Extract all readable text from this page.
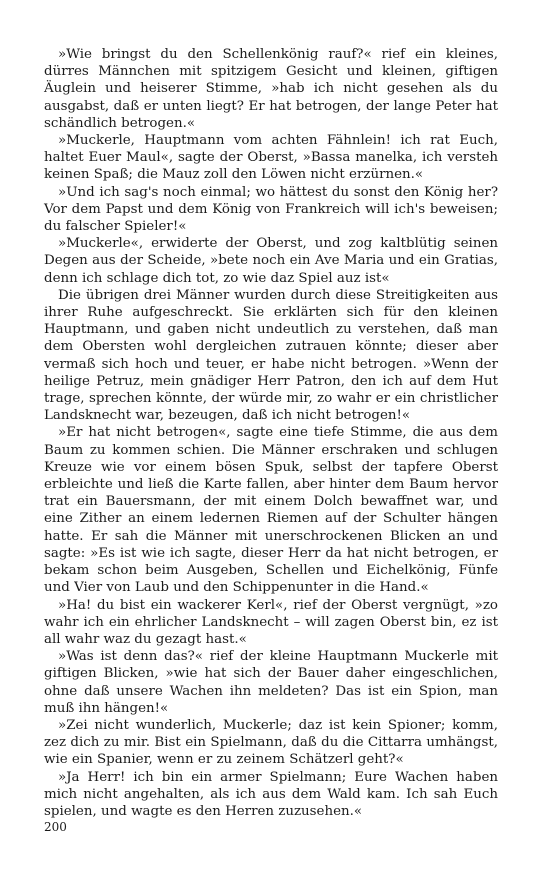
»Wie bringst du den Schellenkönig rauf?« rief ein kleines, dürres Männchen mit spitzigem Gesicht und kleinen, giftigen Äuglein und heiserer Stimme, »hab ich nicht gesehen als du ausgabst, daß er unten liegt? Er hat betrogen, der lange Peter hat schändlich betrogen.«

»Muckerle, Hauptmann vom achten Fähnlein! ich rat Euch, haltet Euer Maul«, sagte der Oberst, »Bassa manelka, ich versteh keinen Spaß; die Mauz zoll den Löwen nicht erzürnen.«

»Und ich sag's noch einmal; wo hättest du sonst den König her? Vor dem Papst und dem König von Frankreich will ich's beweisen; du falscher Spieler!«

»Muckerle«, erwiderte der Oberst, und zog kaltblütig seinen Degen aus der Scheide, »bete noch ein Ave Maria und ein Gratias, denn ich schlage dich tot, zo wie daz Spiel auz ist«

Die übrigen drei Männer wurden durch diese Streitigkeiten aus ihrer Ruhe aufgeschreckt. Sie erklärten sich für den kleinen Hauptmann, und gaben nicht undeutlich zu verstehen, daß man dem Obersten wohl dergleichen zutrauen könnte; dieser aber vermaß sich hoch und teuer, er habe nicht betrogen. »Wenn der heilige Petruz, mein gnädiger Herr Patron, den ich auf dem Hut trage, sprechen könnte, der würde mir, zo wahr er ein christlicher Landsknecht war, bezeugen, daß ich nicht betrogen!«

»Er hat nicht betrogen«, sagte eine tiefe Stimme, die aus dem Baum zu kommen schien. Die Männer erschraken und schlugen Kreuze wie vor einem bösen Spuk, selbst der tapfere Oberst erbleichte und ließ die Karte fallen, aber hinter dem Baum hervor trat ein Bauersmann, der mit einem Dolch bewaffnet war, und eine Zither an einem ledernen Riemen auf der Schulter hängen hatte. Er sah die Männer mit unerschrockenen Blicken an und sagte: »Es ist wie ich sagte, dieser Herr da hat nicht betrogen, er bekam schon beim Ausgeben, Schellen und Eichelkönig, Fünfe und Vier von Laub und den Schippenunter in die Hand.«

»Ha! du bist ein wackerer Kerl«, rief der Oberst vergnügt, »zo wahr ich ein ehrlicher Landsknecht – will zagen Oberst bin, ez ist all wahr waz du gezagt hast.«

»Was ist denn das?« rief der kleine Hauptmann Muckerle mit giftigen Blicken, »wie hat sich der Bauer daher eingeschlichen, ohne daß unsere Wachen ihn meldeten? Das ist ein Spion, man muß ihn hängen!«

»Zei nicht wunderlich, Muckerle; daz ist kein Spioner; komm, zez dich zu mir. Bist ein Spielmann, daß du die Cittarra umhängst, wie ein Spanier, wenn er zu zeinem Schätzerl geht?«

»Ja Herr! ich bin ein armer Spielmann; Eure Wachen haben mich nicht angehalten, als ich aus dem Wald kam. Ich sah Euch spielen, und wagte es den Herren zuzusehen.«

200
